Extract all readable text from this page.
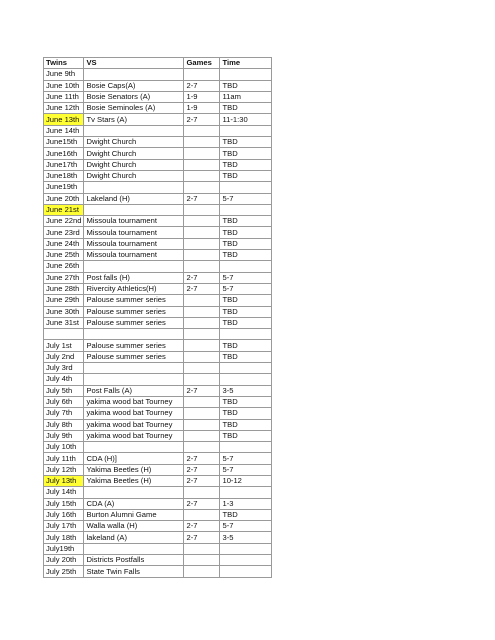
Twins	VS	Games	Time
June 9th			
June 10th	Bosie Caps(A)	2-7	TBD
June 11th	Bosie Senators (A)	1-9	11am
June 12th	Bosie Seminoles (A)	1-9	TBD
June 13th	Tv Stars (A)	2-7	11-1:30
June 14th			
June15th	Dwight Church		TBD
June16th	Dwight Church		TBD
June17th	Dwight Church		TBD
June18th	Dwight Church		TBD
June19th			
June 20th	Lakeland (H)	2-7	5-7
June 21st			
June 22nd	Missoula tournament		TBD
June 23rd	Missoula tournament		TBD
June 24th	Missoula tournament		TBD
June 25th	Missoula tournament		TBD
June 26th			
June 27th	Post falls (H)	2-7	5-7
June 28th	Rivercity Athletics(H)	2-7	5-7
June 29th	Palouse summer series		TBD
June 30th	Palouse summer series		TBD
June 31st	Palouse summer series		TBD

July 1st	Palouse summer series		TBD
July 2nd	Palouse summer series		TBD
July 3rd			
July 4th			
July 5th	Post Falls (A)	2-7	3-5
July 6th	yakima wood bat Tourney		TBD
July 7th	yakima wood bat Tourney		TBD
July 8th	yakima wood bat Tourney		TBD
July 9th	yakima wood bat Tourney		TBD
July 10th			
July 11th	CDA (H)]	2-7	5-7
July 12th	Yakima Beetles (H)	2-7	5-7
July 13th	Yakima Beetles (H)	2-7	10-12
July 14th			
July 15th	CDA (A)	2-7	1-3
July 16th	Burton Alumni Game		TBD
July 17th	Walla walla (H)	2-7	5-7
July 18th	lakeland (A)	2-7	3-5
July19th			
July 20th	Districts Postfalls		
July 25th	State Twin Falls		
